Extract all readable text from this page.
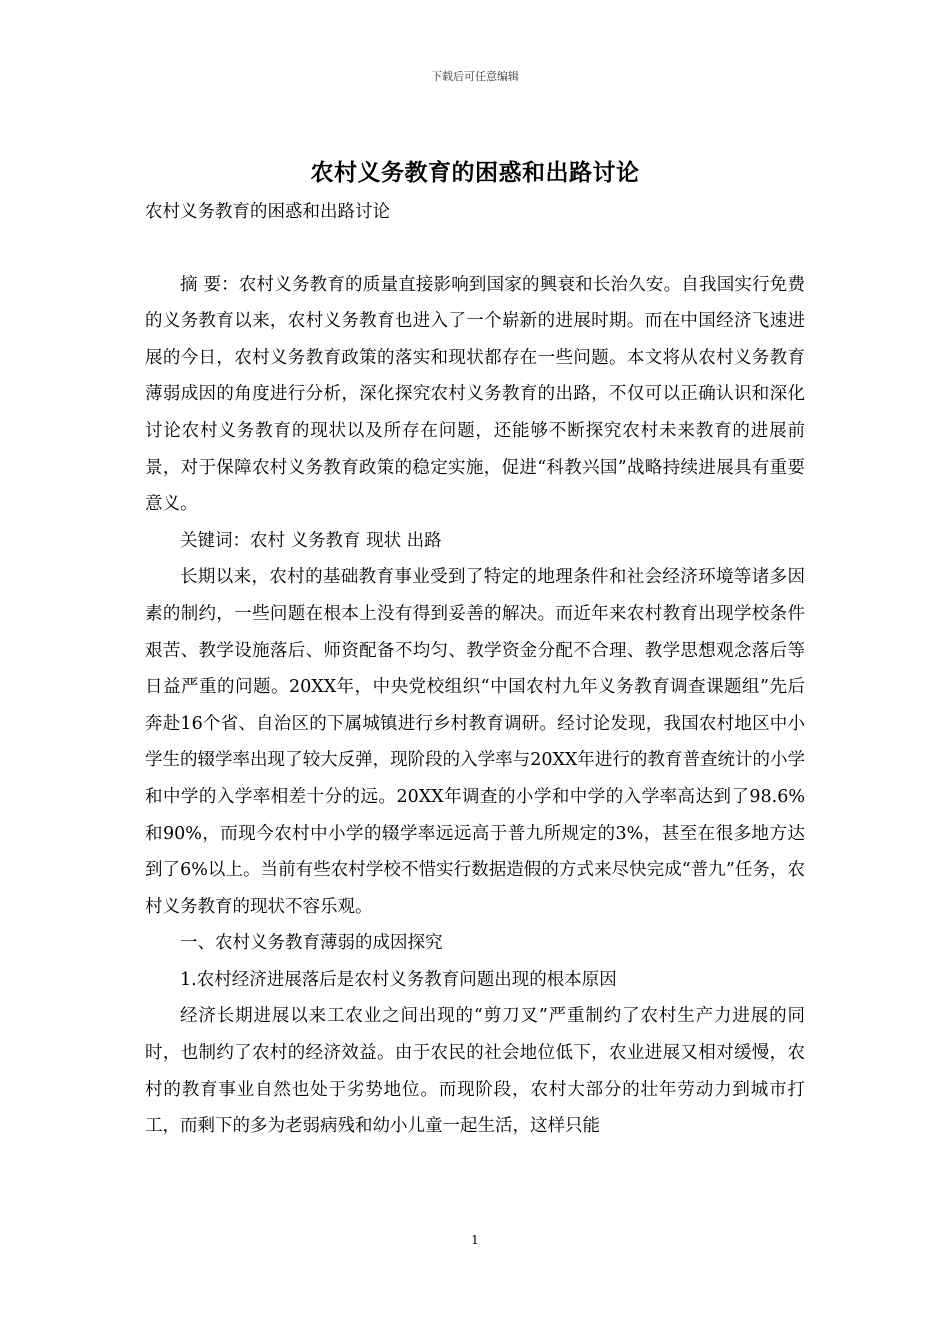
下载后可任意编辑
农村义务教育的困惑和出路讨论

农村义务教育的困惑和出路讨论

摘 要：农村义务教育的质量直接影响到国家的興衰和长治久安。自我国实行免费的义务教育以来，农村义务教育也进入了一个崭新的进展时期。而在中国经济飞速进展的今日，农村义务教育政策的落实和现状都存在一些问题。本文将从农村义务教育薄弱成因的角度进行分析，深化探究农村义务教育的出路，不仅可以正确认识和深化讨论农村义务教育的现状以及所存在问题，还能够不断探究农村未来教育的进展前景，对于保障农村义务教育政策的稳定实施，促进“科教兴国”战略持续进展具有重要意义。

关键词：农村 义务教育 现状 出路

长期以来，农村的基础教育事业受到了特定的地理条件和社会经济环境等诸多因素的制约，一些问题在根本上没有得到妥善的解决。而近年来农村教育出现学校条件艰苦、教学设施落后、师资配备不均匀、教学资金分配不合理、教学思想观念落后等日益严重的问题。20XX年，中央党校组织“中国农村九年义务教育调查课题组”先后奔赴16个省、自治区的下属城镇进行乡村教育调研。经讨论发现，我国农村地区中小学生的辍学率出现了较大反弹，现阶段的入学率与20XX年进行的教育普查统计的小学和中学的入学率相差十分的远。20XX年调查的小学和中学的入学率高达到了98.6%和90%，而现今农村中小学的辍学率远远高于普九所规定的3%，甚至在很多地方达到了6%以上。当前有些农村学校不惜实行数据造假的方式来尽快完成“普九”任务，农村义务教育的现状不容乐观。

一、农村义务教育薄弱的成因探究

1.农村经济进展落后是农村义务教育问题出现的根本原因

经济长期进展以来工农业之间出现的“剪刀叉”严重制约了农村生产力进展的同时，也制约了农村的经济效益。由于农民的社会地位低下，农业进展又相对缓慢，农村的教育事业自然也处于劣势地位。而现阶段，农村大部分的壮年劳动力到城市打工，而剩下的多为老弱病残和幼小儿童一起生活，这样只能

1
